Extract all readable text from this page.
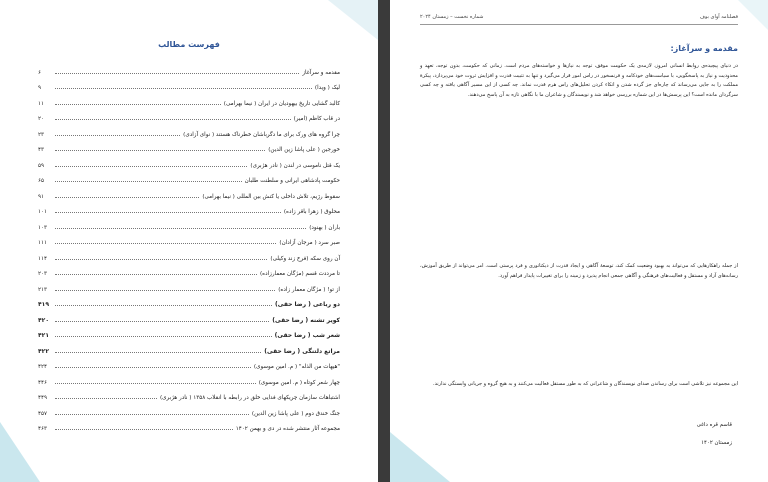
فهرست مطالب
مقدمه و سرآغاز
۶
لیک ( ویدا)
۹
کالبد گشایی تاریخ بیهودیان در ایران ( نیما بهرامی)
۱۱
در قاب کاظم (امیر)
۲۰
چرا گروه های ورک برای ما دگرباشان خطرناک هستند ( نوای آزادی)
۲۳
خورجین ( علی پاشا زین الدین)
۴۳
یک قتل ناموسی در لندن ( نادر هژبری)
۵۹
حکومت پادشاهی ایرانی و سلطنت طلبان
۶۵
سقوط رژیم، تلاش داخلی یا کنش بین المللی ( نیما بهرامی)
۹۱
محلوق ( زهرا باقر زاده)
۱۰۱
باران ( بهنود)
۱۰۳
صبر سرد ( مرجان آزادان)
۱۱۱
آن روی سکه (فرخ زند وکیلی)
۱۱۴
تا مرددت قسم (مژگان معمارزاده)
۲۰۳
از تو! ( مژگان معمار زاده)
۲۱۳
دو رباعی ( رضا حقی)
۴۱۹
کویر تشنه ( رضا حقی)
۴۲۰
شعر شب ( رضا حقی)
۴۲۱
مراتع دلتنگی ( رضا حقی)
۴۲۲
"هیهات من الذله" ( م. امین موسوی)
۴۲۴
چهار شعر کوتاه ( م. امین موسوی)
۴۴۶
اشتباهات سازمان چریکهای فدایی خلق در رابطه با انقلاب ۱۳۵۸ ( نادر هژبری)
۴۴۹
جنگ خندق دوم ( علی پاشا زین الدین)
۴۵۷
مجموعه آثار منتشر شده در دی و بهمن ۱۴۰۲
۴۶۳
شماره نخست – زمستان ۲۰۲۴	فصلنامه آوای بوف
مقدمه و سرآغاز:

در دنیای پیچیده‌ی روابط انسانی امروز، لازمه‌ی یک حکومت موفق، توجه به نیازها و خواسته‌های مردم است. زمانی که حکومت، بدون توجه، تعهد و محدودیت و نیاز به پاسخگویی، با سیاست‌های خودکامه و فرنسخور در راس امور قرار می‌گیرد و تنها به تثبیت قدرت و افزایش ثروت خود می‌پردازد، پیکرهٔ مملکت را به جایی می‌رساند که چاره‌ای جز گرده شدن و اتکاء کردن تحلیل‌های راس هرم قدرت نماند. چه کسی از این مسیر آگاهی یافته و چه کسی سرگردان مانده است؟ این پرسش‌ها در این شماره بررسی خواهد شد و نویسندگان و شاعران ما با نگاهی تازه به آن پاسخ می‌دهند.

از جمله راهکارهایی که می‌تواند به بهبود وضعیت کمک کند، توسعهٔ آگاهی و ایجاد قدرت از دیکتاتوری و فرد پرستی است. امر می‌تواند از طریق آموزش، رسانه‌های آزاد و مستقل و فعالیت‌های فرهنگی و آگاهی جمعی انجام پذیرد و زمینه را برای تغییرات پایدار فراهم آورد.

این مجموعه نیز تلاشی است برای رساندن صدای نویسندگان و شاعرانی که به طور مستقل فعالیت می‌کنند و به هیچ گروه و جریانی وابستگی ندارند.

قاسم قره داغی
زمستان ۱۴۰۲
